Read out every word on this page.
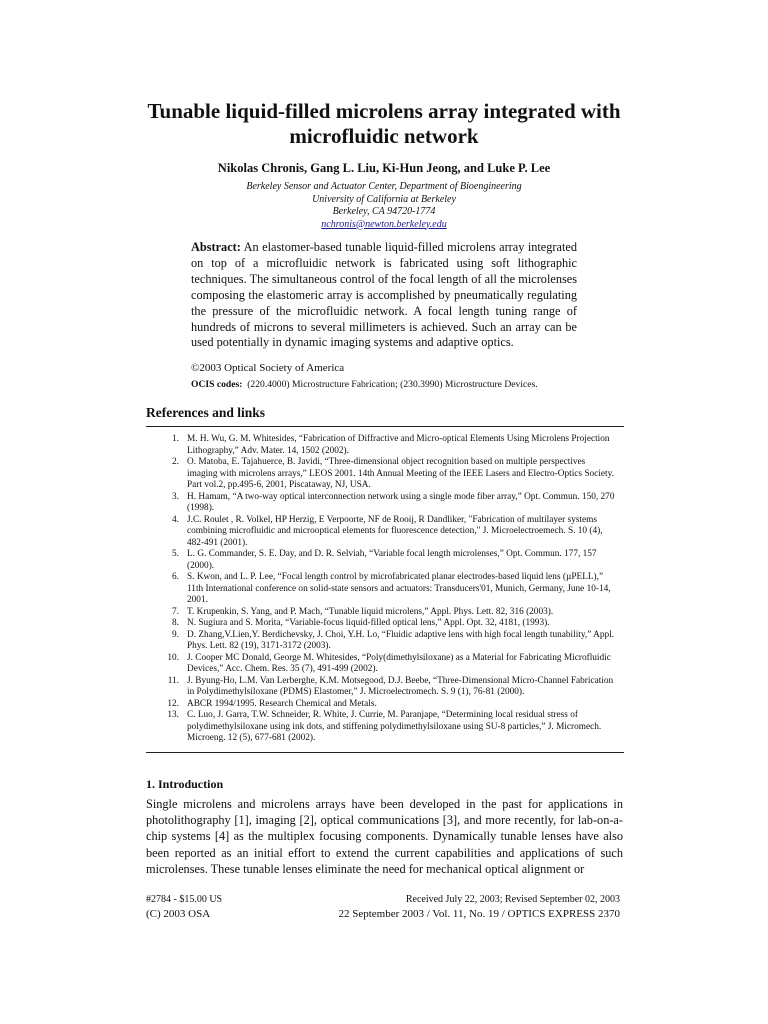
Tunable liquid-filled microlens array integrated with microfluidic network
Nikolas Chronis, Gang L. Liu, Ki-Hun Jeong, and Luke P. Lee
Berkeley Sensor and Actuator Center, Department of Bioengineering
University of California at Berkeley
Berkeley, CA 94720-1774
nchronis@newton.berkeley.edu
Abstract: An elastomer-based tunable liquid-filled microlens array integrated on top of a microfluidic network is fabricated using soft lithographic techniques. The simultaneous control of the focal length of all the microlenses composing the elastomeric array is accomplished by pneumatically regulating the pressure of the microfluidic network. A focal length tuning range of hundreds of microns to several millimeters is achieved. Such an array can be used potentially in dynamic imaging systems and adaptive optics.
©2003 Optical Society of America
OCIS codes: (220.4000) Microstructure Fabrication; (230.3990) Microstructure Devices.
References and links
1. M. H. Wu, G. M. Whitesides, “Fabrication of Diffractive and Micro-optical Elements Using Microlens Projection Lithography,” Adv. Mater. 14, 1502 (2002).
2. O. Matoba, E. Tajahuerce, B. Javidi, “Three-dimensional object recognition based on multiple perspectives imaging with microlens arrays,” LEOS 2001. 14th Annual Meeting of the IEEE Lasers and Electro-Optics Society. Part vol.2, pp.495-6, 2001, Piscataway, NJ, USA.
3. H. Hamam, “A two-way optical interconnection network using a single mode fiber array,” Opt. Commun. 150, 270 (1998).
4. J.C. Roulet , R. Volkel, HP Herzig, E Verpoorte, NF de Rooij, R Dandliker, "Fabrication of multilayer systems combining microfluidic and microoptical elements for fluorescence detection," J. Microelectroemech. S. 10 (4), 482-491 (2001).
5. L. G. Commander, S. E. Day, and D. R. Selviah, “Variable focal length microlenses,” Opt. Commun. 177, 157 (2000).
6. S. Kwon, and L. P. Lee, “Focal length control by microfabricated planar electrodes-based liquid lens (µPELL),” 11th International conference on solid-state sensors and actuators: Transducers'01, Munich, Germany, June 10-14, 2001.
7. T. Krupenkin, S. Yang, and P. Mach, “Tunable liquid microlens,” Appl. Phys. Lett. 82, 316 (2003).
8. N. Sugiura and S. Morita, “Variable-focus liquid-filled optical lens,” Appl. Opt. 32, 4181, (1993).
9. D. Zhang,V.Lien,Y. Berdichevsky, J. Choi, Y.H. Lo, “Fluidic adaptive lens with high focal length tunability,” Appl. Phys. Lett. 82 (19), 3171-3172 (2003).
10. J. Cooper MC Donald, George M. Whitesides, “Poly(dimethylsiloxane) as a Material for Fabricating Microfluidic Devices,” Acc. Chem. Res. 35 (7), 491-499 (2002).
11. J. Byung-Ho, L.M. Van Lerberghe, K.M. Motsegood, D.J. Beebe, “Three-Dimensional Micro-Channel Fabrication in Polydimethylsiloxane (PDMS) Elastomer,” J. Microelectromech. S. 9 (1), 76-81 (2000).
12. ABCR 1994/1995. Research Chemical and Metals.
13. C. Luo, J. Garra, T.W. Schneider, R. White, J. Currie, M. Paranjape, “Determining local residual stress of polydimethylsiloxane using ink dots, and stiffening polydimethylsiloxane using SU-8 particles,” J. Micromech. Microeng. 12 (5), 677-681 (2002).
1. Introduction
Single microlens and microlens arrays have been developed in the past for applications in photolithography [1], imaging [2], optical communications [3], and more recently, for lab-on-a-chip systems [4] as the multiplex focusing components. Dynamically tunable lenses have also been reported as an initial effort to extend the current capabilities and applications of such microlenses. These tunable lenses eliminate the need for mechanical optical alignment or
#2784 - $15.00 US
(C) 2003 OSA
Received July 22, 2003; Revised September 02, 2003
22 September 2003 / Vol. 11, No. 19 / OPTICS EXPRESS 2370
